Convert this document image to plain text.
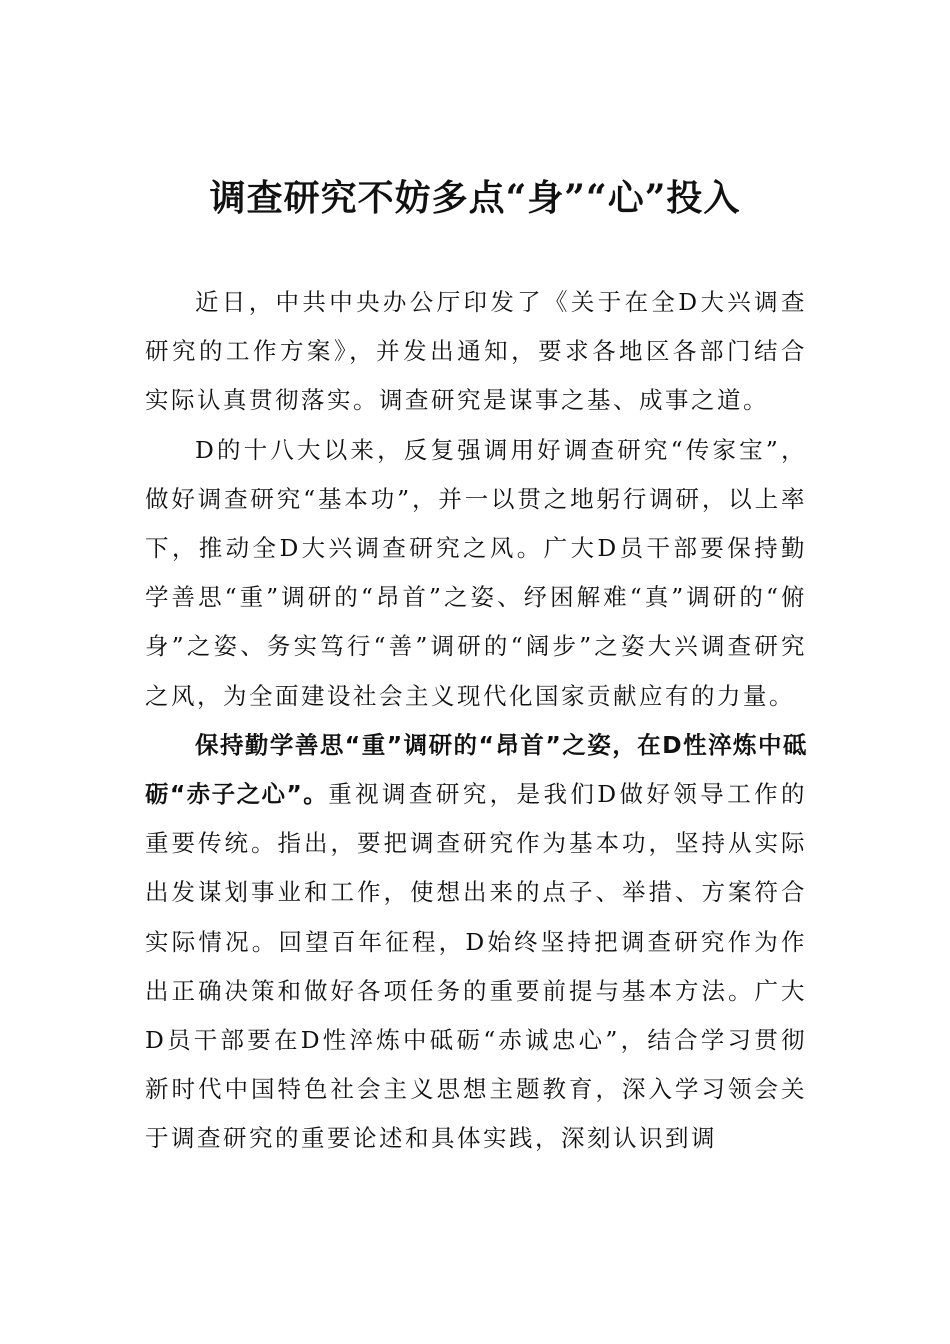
调查研究不妨多点“身”“心”投入

近日，中共中央办公厅印发了《关于在全D大兴调查研究的工作方案》，并发出通知，要求各地区各部门结合实际认真贯彻落实。调查研究是谋事之基、成事之道。

D的十八大以来，反复强调用好调查研究“传家宝”，做好调查研究“基本功”，并一以贯之地躬行调研，以上率下，推动全D大兴调查研究之风。广大D员干部要保持勤学善思“重”调研的“昂首”之姿、纾困解难“真”调研的“俯身”之姿、务实笃行“善”调研的“阔步”之姿大兴调查研究之风，为全面建设社会主义现代化国家贡献应有的力量。

保持勤学善思“重”调研的“昂首”之姿，在D性淬炼中砥砺“赤子之心”。重视调查研究，是我们D做好领导工作的重要传统。指出，要把调查研究作为基本功，坚持从实际出发谋划事业和工作，使想出来的点子、举措、方案符合实际情况。回望百年征程，D始终坚持把调查研究作为作出正确决策和做好各项任务的重要前提与基本方法。广大D员干部要在D性淬炼中砥砺“赤诚忠心”，结合学习贯彻新时代中国特色社会主义思想主题教育，深入学习领会关于调查研究的重要论述和具体实践，深刻认识到调
